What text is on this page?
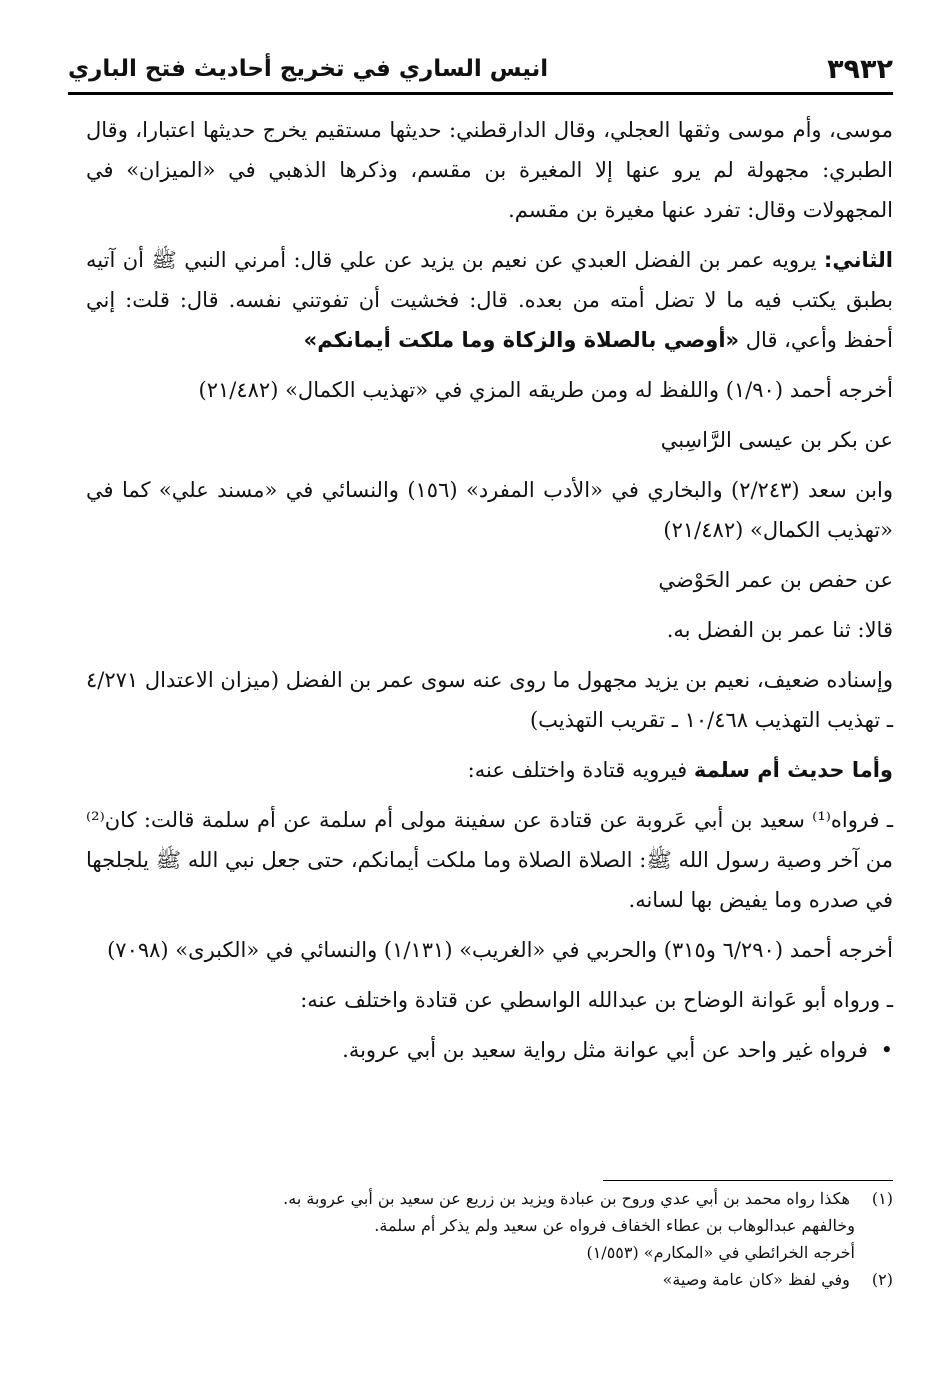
٣٩٣٢
انيس الساري في تخريج أحاديث فتح الباري

موسى، وأم موسى وثقها العجلي، وقال الدارقطني: حديثها مستقيم يخرج حديثها اعتبارا، وقال الطبري: مجهولة لم يرو عنها إلا المغيرة بن مقسم، وذكرها الذهبي في «الميزان» في المجهولات وقال: تفرد عنها مغيرة بن مقسم.

الثاني: يرويه عمر بن الفضل العبدي عن نعيم بن يزيد عن علي قال: أمرني النبي ﷺ أن آتيه بطبق يكتب فيه ما لا تضل أمته من بعده. قال: فخشيت أن تفوتني نفسه. قال: قلت: إني أحفظ وأعي، قال «أوصي بالصلاة والزكاة وما ملكت أيمانكم»

أخرجه أحمد (١/٩٠) واللفظ له ومن طريقه المزي في «تهذيب الكمال» (٢١/٤٨٢)

عن بكر بن عيسى الرَّاسِبي

وابن سعد (٢/٢٤٣) والبخاري في «الأدب المفرد» (١٥٦) والنسائي في «مسند علي» كما في «تهذيب الكمال» (٢١/٤٨٢)

عن حفص بن عمر الحَوْضي

قالا: ثنا عمر بن الفضل به.

وإسناده ضعيف، نعيم بن يزيد مجهول ما روى عنه سوى عمر بن الفضل (ميزان الاعتدال ٤/٢٧١ ـ تهذيب التهذيب ١٠/٤٦٨ ـ تقريب التهذيب)

وأما حديث أم سلمة فيرويه قتادة واختلف عنه:

ـ فرواه⁽¹⁾ سعيد بن أبي عَروبة عن قتادة عن سفينة مولى أم سلمة عن أم سلمة قالت: كان⁽²⁾ من آخر وصية رسول الله ﷺ: الصلاة الصلاة وما ملكت أيمانكم، حتى جعل نبي الله ﷺ يلجلجها في صدره وما يفيض بها لسانه.

أخرجه أحمد (٦/٢٩٠ و٣١٥) والحربي في «الغريب» (١/١٣١) والنسائي في «الكبرى» (٧٠٩٨)

ـ ورواه أبو عَوانة الوضاح بن عبدالله الواسطي عن قتادة واختلف عنه:

• فرواه غير واحد عن أبي عوانة مثل رواية سعيد بن أبي عروبة.

(١) هكذا رواه محمد بن أبي عدي وروح بن عبادة ويزيد بن زريع عن سعيد بن أبي عروبة به.

وخالفهم عبدالوهاب بن عطاء الخفاف فرواه عن سعيد ولم يذكر أم سلمة.

أخرجه الخرائطي في «المكارم» (١/٥٥٣)

(٢) وفي لفظ «كان عامة وصية»
